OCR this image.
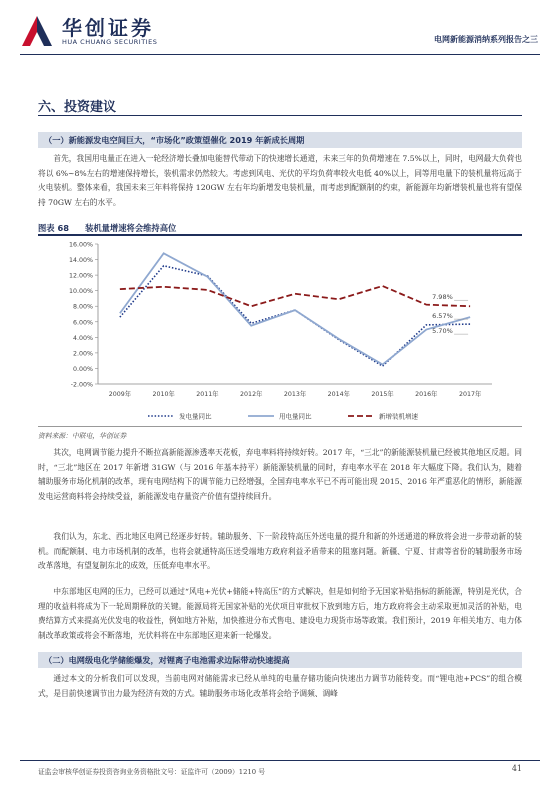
华创证券
HUA CHUANG SECURITIES	电网新能源消纳系列报告之三
六、投资建议
（一）新能源发电空间巨大，“市场化”政策望催化 2019 年新成长周期
首先，我国用电量正在进入一轮经济增长叠加电能替代带动下的快速增长通道，未来三年的负荷增速在 7.5%以上，同时，电网最大负荷也将以 6%~8%左右的增速保持增长，装机需求仍然较大。考虑到风电、光伏的平均负荷率较火电低 40%以上，同等用电量下的装机量将远高于火电装机。整体来看，我国未来三年料将保持 120GW 左右年均新增发电装机量，而考虑到配额制的约束，新能源年均新增装机量也将有望保持 70GW 左右的水平。
图表 68 装机量增速将会维持高位
-2.00%
0.00%
2.00%
4.00%
6.00%
8.00%
10.00%
12.00%
14.00%
16.00%
2009年	2010年	2011年	2012年	2013年	2014年	2015年	2016年	2017年
7.98%
6.57%
5.70%
发电量同比	用电量同比	新增装机增速
资料来源：中联电，华创证券
其次，电网调节能力提升不断拉高新能源渗透率天花板，弃电率料将持续好转。2017 年，“三北”的新能源装机量已经被其他地区反超。同时，“三北”地区在 2017 年新增 31GW（与 2016 年基本持平）新能源装机量的同时，弃电率水平在 2018 年大幅度下降。我们认为，随着辅助服务市场化机制的改革，现有电网结构下的调节能力已经增强，全国弃电率水平已不再可能出现 2015、2016 年严重恶化的情形，新能源发电运营商料将会持续受益，新能源发电存量资产价值有望持续回升。
我们认为，东北、西北地区电网已经逐步好转。辅助服务、下一阶段特高压外送电量的提升和新的外送通道的释放将会进一步带动新的装机。而配额制、电力市场机制的改革，也将会就通特高压送受端地方政府利益矛盾带来的阻塞问题。新疆、宁夏、甘肃等省份的辅助服务市场改革落地，有望复制东北的成效，压低弃电率水平。
中东部地区电网的压力，已经可以通过“风电+光伏+储能+特高压”的方式解决，但是如何给予无国家补贴指标的新能源，特别是光伏，合理的收益料将成为下一轮周期释放的关键。能源局将无国家补贴的光伏项目审批权下放到地方后，地方政府将会主动采取更加灵活的补贴，电费结算方式来提高光伏发电的收益性，例如地方补贴，加快推进分布式售电、建设电力现货市场等政策。我们预计，2019 年相关地方、电力体制改革政策或将会不断落地，光伏料将在中东部地区迎来新一轮爆发。
（二）电网级电化学储能爆发，对锂离子电池需求边际带动快速提高
通过本文的分析我们可以发现，当前电网对储能需求已经从单纯的电量存储功能向快速出力调节功能转变。而“锂电池+PCS”的组合模式，是目前快速调节出力最为经济有效的方式。辅助服务市场化改革将会给予调频、调峰
证监会审核华创证券投资咨询业务资格批文号：证监许可（2009）1210 号	41
